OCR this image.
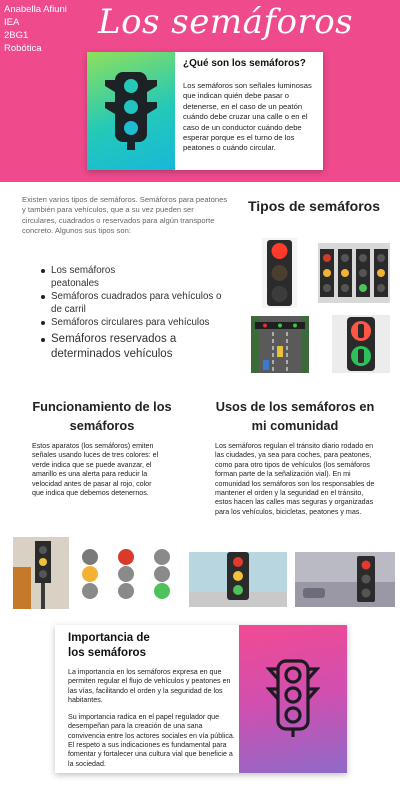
Anabella Afiuni
IEA
2BG1
Robótica
Los semáforos
¿Qué son los semáforos?
Los semáforos son señales luminosas que indican quién debe pasar o detenerse, en el caso de un peatón cuándo debe cruzar una calle o en el caso de un conductor cuándo debe esperar porque es el turno de los peatones o cuándo circular.
Existen varios tipos de semáforos. Semáforos para peatones y también para vehículos, que a su vez pueden ser circulares, cuadrados o reservados para algún transporte concreto. Algunos sus tipos son:
Tipos de semáforos
Los semáforos peatonales
Semáforos cuadrados para vehículos o de carril
Semáforos circulares para vehículos
Semáforos reservados a determinados vehículos
Funcionamiento de los semáforos
Estos aparatos (los semáforos) emiten señales usando luces de tres colores: el verde indica que se puede avanzar, el amarillo es una alerta para reducir la velocidad antes de pasar al rojo, color que indica que debemos detenernos.
Usos de los semáforos en mi comunidad
Los semáforos regulan el tránsito diario rodado en las ciudades, ya sea para coches, para peatones, como para otro tipos de vehículos (los semáforos forman parte de la señalización vial). En mi comunidad los semáforos son los responsables de mantener el orden y la seguridad en el tránsito, estos hacen las calles mas seguras y organizadas para los vehículos, bicicletas, peatones y mas.
Importancia de los semáforos
La importancia en los semáforos expresa en que permiten regular el flujo de vehículos y peatones en las vías, facilitando el orden y la seguridad de los habitantes.
Su importancia radica en el papel regulador que desempeñan para la creación de una sana convivencia entre los actores sociales en vía pública. El respeto a sus indicaciones es fundamental para fomentar y fortalecer una cultura vial que beneficie a la sociedad.
